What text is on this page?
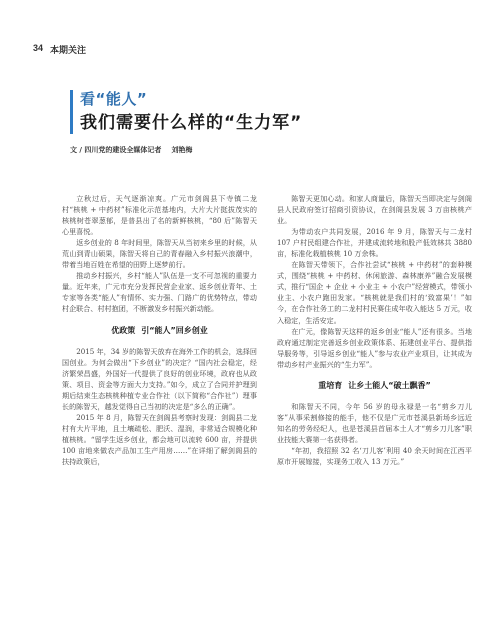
34 本期关注
看“能人”
我们需要什么样的“生力军”
文 / 四川党的建设全媒体记者 刘艳梅

立秋过后，天气逐渐凉爽。广元市剑阁县下寺镇二龙村“核桃 + 中药材”标准化示范基地内，大片大片挺拔茂实的核桃树苍翠葱郁，是普县出了名的新鲜核桃，“80 后”陈智天心里喜悦。

返乡创业的 8 年时间里，陈智天从当初来乡里的时候，从荒山到青山硕果，陈智天将自己的青春融入乡村振兴浪潮中，带着当地百姓在希望的田野上逐梦前行。

推动乡村振兴，乡村“能人”队伍是一支不可忽视的重要力量。近年来，广元市充分发挥民营企业家、返乡创业青年、土专家等各类“能人”有情怀、实力强、门路广的优势特点，带动村企联合、村村抱团，不断激发乡村振兴新动能。

优政策 引“能人”回乡创业

2015 年，34 岁的陈智天放弃在海外工作的机会，选择回国创业。为何会做出“下乡创业”的决定？“国内社会稳定，经济繁荣昌盛，外国好一代提供了良好的创业环境，政府也从政策、项目、资金等方面大力支持。”如今，成立了合同并护理到期后结束生态核桃种植专业合作社（以下简称“合作社”）理事长的陈智天，越发觉得自己当初的决定是“多么的正确”。

2015 年 8 月，陈智天在剑阁县考察时发现：剑阁县二龙村有大片平地，且土壤疏松、肥沃、湿润，非常适合规模化种植核桃。“留学生返乡创业，都会地可以流转 600 亩，并提供 100 亩地来做农产品加工生产用房……”在详细了解剑阁县的扶持政策后，

陈智天更加心动。和家人商量后，陈智天当即决定与剑阁县人民政府签订招商引资协议，在剑阁县发展 3 万亩核桃产业。

为带动农户共同发展，2016 年 9 月，陈智天与二龙村 107 户村民组建合作社，并建成流转地和股产低效林共 3880 亩，标准化栽植核桃 10 万余株。

在陈智天带领下，合作社尝试“核桃 + 中药材”的套种模式，围绕“核桃 + 中药材、休闲旅游、森林康养”融合发展模式，推行“国企 + 企业 + 小业主 + 小农户”经营模式，带领小业主、小农户跑田发家。“核桃就是我们村的‘致富果’！”如今，在合作社务工的二龙村村民赛住成年收入能达 5 万元，收入稳定，生活安定。

在广元，像陈智天这样的返乡创业“能人”还有很多。当地政府通过制定完善返乡创业政策体系、拓建创业平台、提供指导服务等，引导返乡创业“能人”参与农业产业项目，让其成为带动乡村产业振兴的“生力军”。

重培育 让乡土能人“破土飘香”

和陈智天不同，今年 56 岁的母永禄是一名“剪乡刀儿客”从事采割修接的能手，他不仅是广元市苍溪县新场乡远近知名的劳务经纪人，也是苍溪县首届本土人才“剪乡刀儿客”职业技能大赛第一名获得者。

“年初，我招照 32 名‘刀儿客’利用 40 余天时间在江西平原市开展嫁接，实现务工收入 13 万元。”
